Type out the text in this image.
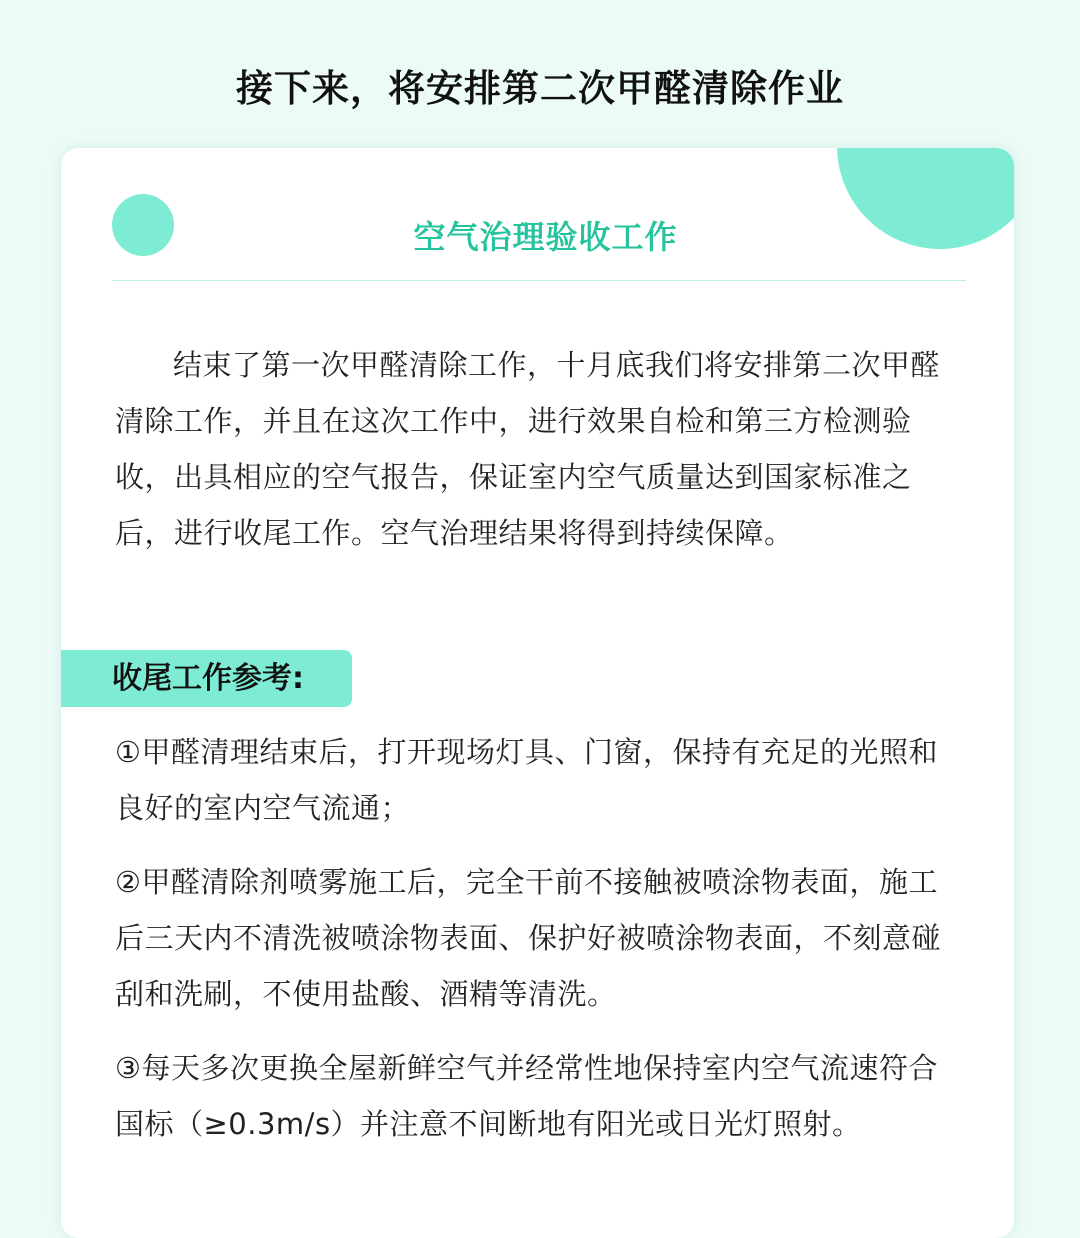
接下来，将安排第二次甲醛清除作业
空气治理验收工作

结束了第一次甲醛清除工作，十月底我们将安排第二次甲醛清除工作，并且在这次工作中，进行效果自检和第三方检测验收，出具相应的空气报告，保证室内空气质量达到国家标准之后，进行收尾工作。空气治理结果将得到持续保障。

收尾工作参考:

①甲醛清理结束后，打开现场灯具、门窗，保持有充足的光照和良好的室内空气流通；

②甲醛清除剂喷雾施工后，完全干前不接触被喷涂物表面，施工后三天内不清洗被喷涂物表面、保护好被喷涂物表面，不刻意碰刮和洗刷，不使用盐酸、酒精等清洗。

③每天多次更换全屋新鲜空气并经常性地保持室内空气流速符合国标（≥0.3m/s）并注意不间断地有阳光或日光灯照射。
